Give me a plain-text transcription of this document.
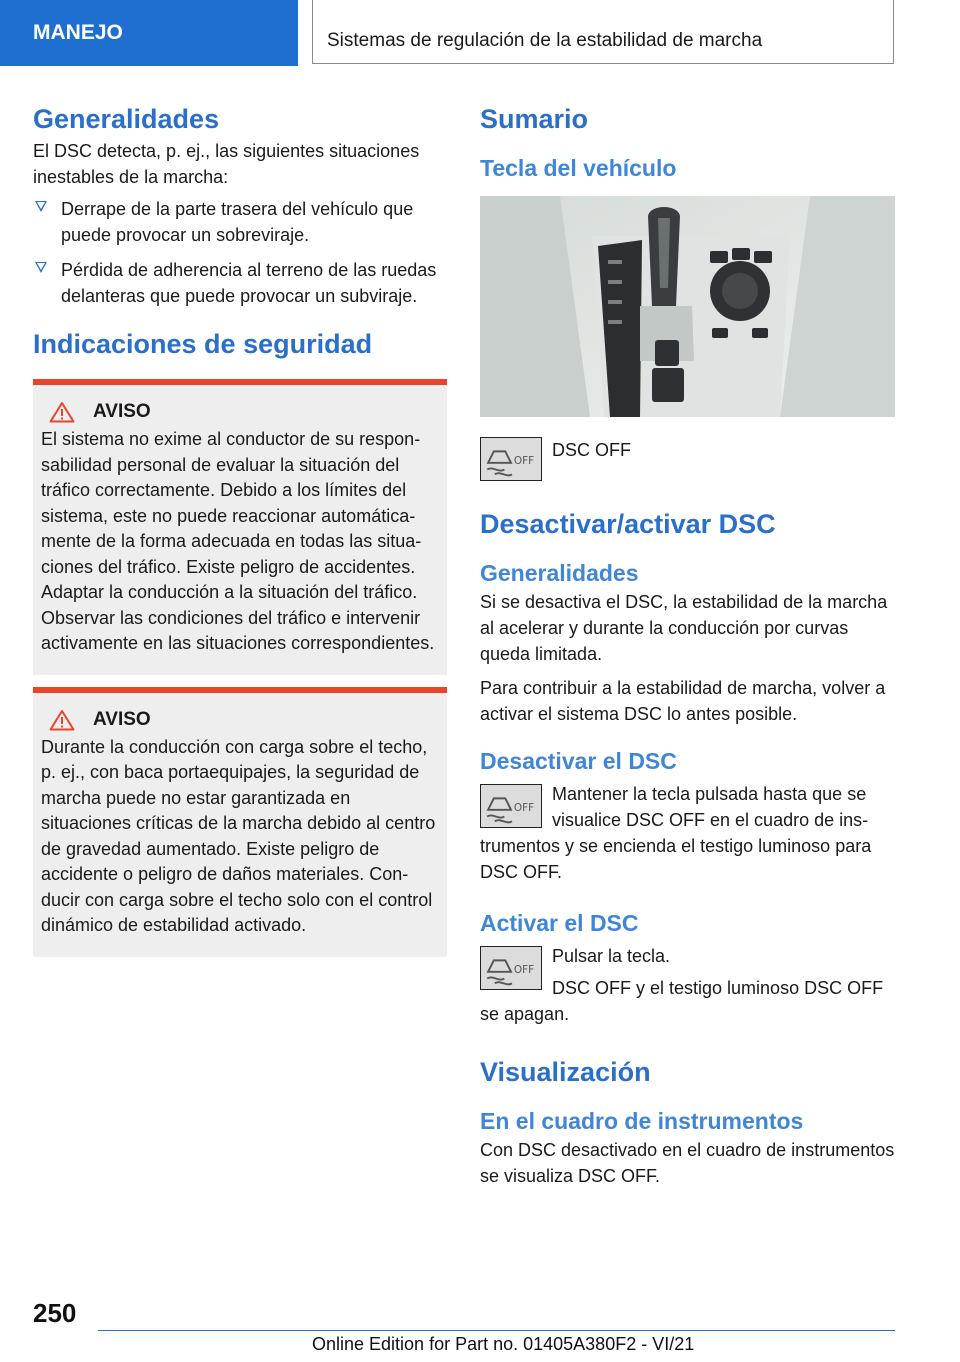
MANEJO	Sistemas de regulación de la estabilidad de marcha
Generalidades

El DSC detecta, p. ej., las siguientes situaciones inestables de la marcha:

Derrape de la parte trasera del vehículo que puede provocar un sobreviraje.
Pérdida de adherencia al terreno de las ruedas delanteras que puede provocar un subviraje.
Indicaciones de seguridad
AVISO

El sistema no exime al conductor de su responsabilidad personal de evaluar la situación del tráfico correctamente. Debido a los límites del sistema, este no puede reaccionar automáticamente de la forma adecuada en todas las situaciones del tráfico. Existe peligro de accidentes. Adaptar la conducción a la situación del tráfico. Observar las condiciones del tráfico e intervenir activamente en las situaciones correspondientes.

AVISO

Durante la conducción con carga sobre el techo, p. ej., con baca portaequipajes, la seguridad de marcha puede no estar garantizada en situaciones críticas de la marcha debido al centro de gravedad aumentado. Existe peligro de accidente o peligro de daños materiales. Conducir con carga sobre el techo solo con el control dinámico de estabilidad activado.

Sumario
Tecla del vehículo
OFF

DSC OFF

Desactivar/activar DSC
Generalidades

Si se desactiva el DSC, la estabilidad de la marcha al acelerar y durante la conducción por curvas queda limitada.

Para contribuir a la estabilidad de marcha, volver a activar el sistema DSC lo antes posible.

Desactivar el DSC
OFF

Mantener la tecla pulsada hasta que se visualice DSC OFF en el cuadro de instrumentos y se encienda el testigo luminoso para DSC OFF.

Activar el DSC
OFF

Pulsar la tecla.

DSC OFF y el testigo luminoso DSC OFF se apagan.

Visualización
En el cuadro de instrumentos

Con DSC desactivado en el cuadro de instrumentos se visualiza DSC OFF.

250
Online Edition for Part no. 01405A380F2 - VI/21
